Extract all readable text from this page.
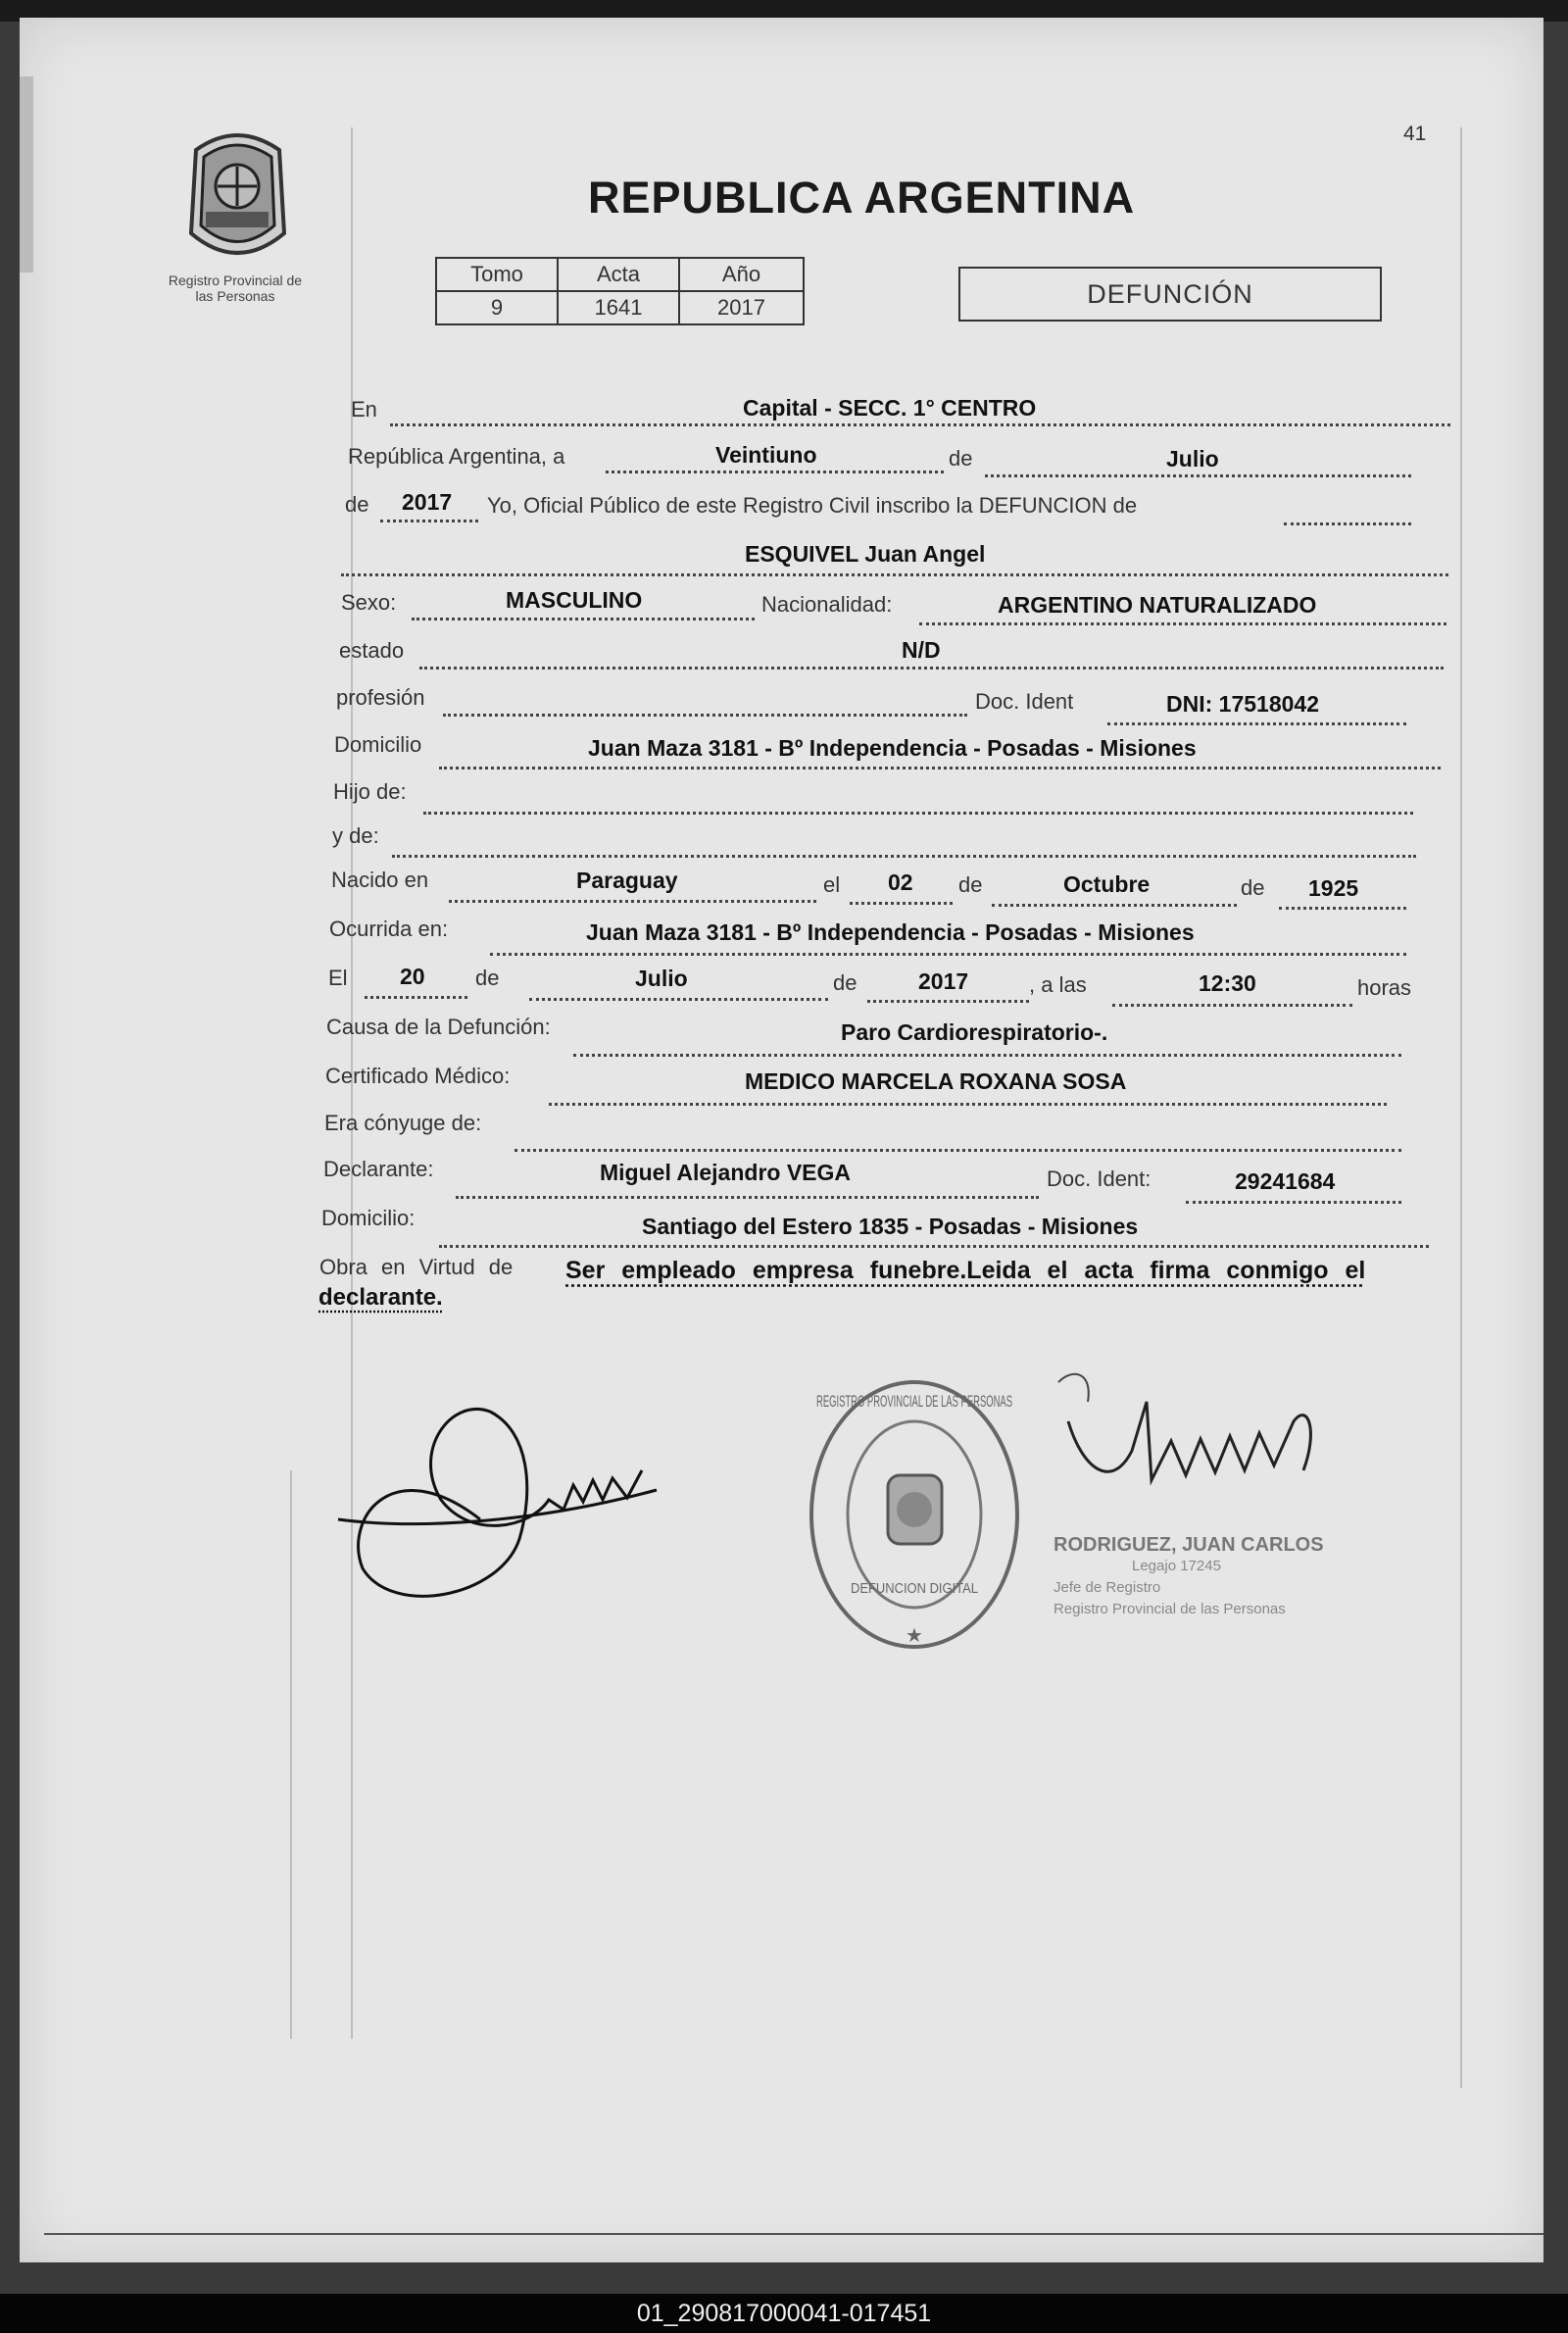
41
Registro Provincial de
las Personas
REPUBLICA ARGENTINA
Tomo	Acta	Año
9	1641	2017	DEFUNCIÓN
En	Capital - SECC. 1° CENTRO
República Argentina, a	Veintiuno	de	Julio
de 2017 Yo, Oficial Público de este Registro Civil inscribo la DEFUNCION de
ESQUIVEL Juan Angel
Sexo:	MASCULINO	Nacionalidad:	ARGENTINO NATURALIZADO
estado	N/D
profesión	Doc. Ident	DNI: 17518042
Domicilio	Juan Maza 3181 - Bº Independencia - Posadas - Misiones
Hijo de:
y de:
Nacido en	Paraguay	el 02 de	Octubre	de 1925
Ocurrida en:	Juan Maza 3181 - Bº Independencia - Posadas - Misiones
El 20 de	Julio	de	2017	, a las	12:30	horas
Causa de la Defunción:	Paro Cardiorespiratorio-.
Certificado Médico:	MEDICO MARCELA ROXANA SOSA
Era cónyuge de:
Declarante:	Miguel Alejandro VEGA	Doc. Ident:	29241684
Domicilio:	Santiago del Estero 1835 - Posadas - Misiones
Obra en Virtud de Ser empleado empresa funebre.Leida el acta firma conmigo el
declarante.
REGISTRO PROVINCIAL DE LAS PERSONAS
DEFUNCION DIGITAL
★
RODRIGUEZ, JUAN CARLOS
Legajo 17245
Jefe de Registro
Registro Provincial de las Personas
01_290817000041-017451
